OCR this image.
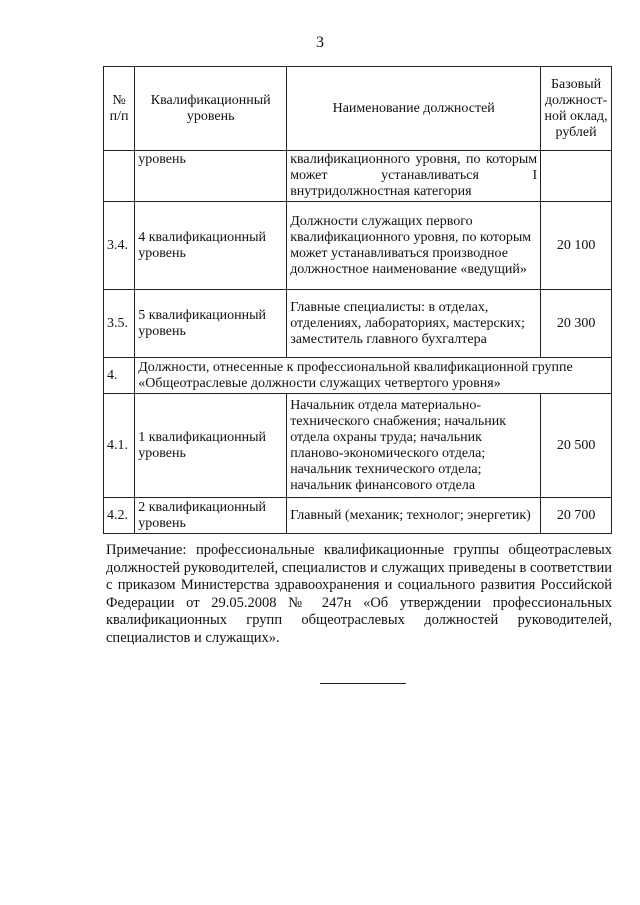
3
№ п/п	Квалификационный уровень	Наименование должностей	Базовый должност-ной оклад, рублей
	уровень	квалификационного уровня, по которым может устанавливаться I внутридолжностная категория	
3.4.	4 квалификационный уровень	Должности служащих первого квалификационного уровня, по которым может устанавливаться производное должностное наименование «ведущий»	20 100
3.5.	5 квалификационный уровень	Главные специалисты: в отделах, отделениях, лабораториях, мастерских; заместитель главного бухгалтера	20 300
4.	Должности, отнесенные к профессиональной квалификационной группе «Общеотраслевые должности служащих четвертого уровня»		
4.1.	1 квалификационный уровень	Начальник отдела материально-технического снабжения; начальник отдела охраны труда; начальник планово-экономического отдела; начальник технического отдела; начальник финансового отдела	20 500
4.2.	2 квалификационный уровень	Главный (механик; технолог; энергетик)	20 700
Примечание: профессиональные квалификационные группы общеотраслевых должностей руководителей, специалистов и служащих приведены в соответствии с приказом Министерства здравоохранения и социального развития Российской Федерации от 29.05.2008 № 247н «Об утверждении профессиональных квалификационных групп общеотраслевых должностей руководителей, специалистов и служащих».
